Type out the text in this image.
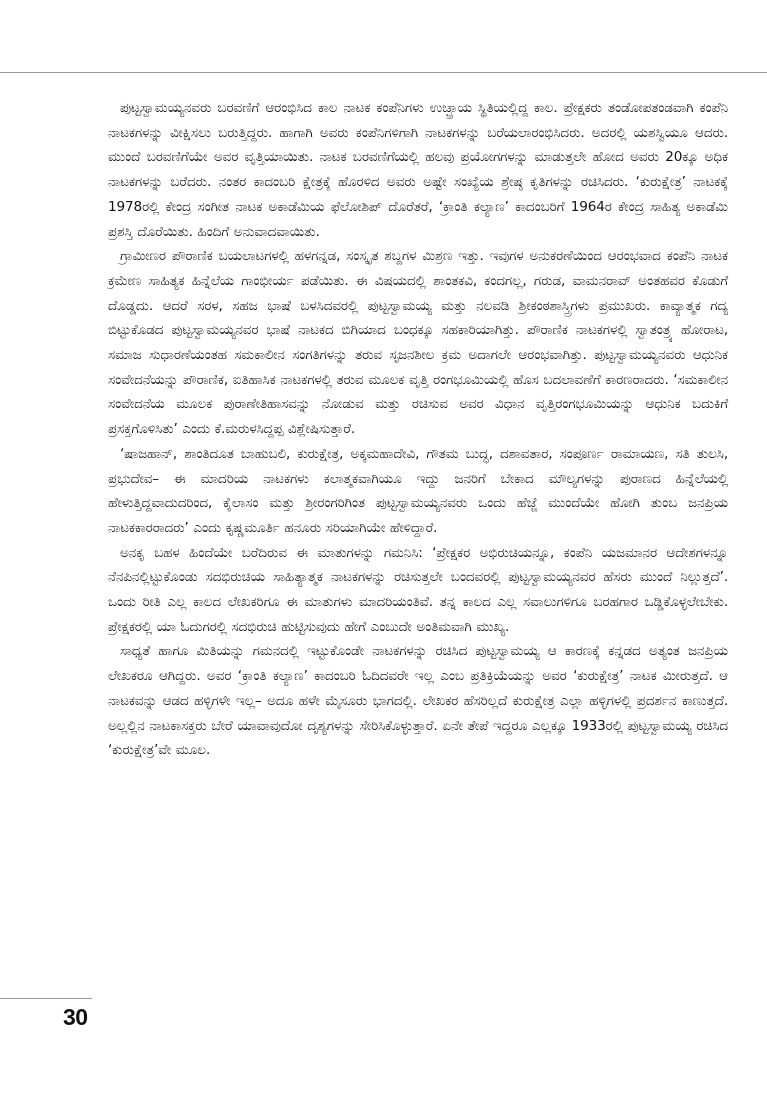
ಪುಟ್ಟಸ್ವಾಮಯ್ಯನವರು ಬರವಣಿಗೆ ಆರಂಭಿಸಿದ ಕಾಲ ನಾಟಕ ಕಂಪೆನಿಗಳು ಉಚ್ಛ್ರಾಯ ಸ್ಥಿತಿಯಲ್ಲಿದ್ದ ಕಾಲ. ಪ್ರೇಕ್ಷಕರು ತಂಡೋಪತಂಡವಾಗಿ ಕಂಪೆನಿ ನಾಟಕಗಳನ್ನು ವೀಕ್ಷಿಸಲು ಬರುತ್ತಿದ್ದರು. ಹಾಗಾಗಿ ಅವರು ಕಂಪೆನಿಗಳಿಗಾಗಿ ನಾಟಕಗಳನ್ನು ಬರೆಯಲಾರಂಭಿಸಿದರು. ಅದರಲ್ಲಿ ಯಶಸ್ವಿಯೂ ಆದರು. ಮುಂದೆ ಬರವಣಿಗೆಯೇ ಅವರ ವೃತ್ತಿಯಾಯಿತು. ನಾಟಕ ಬರವಣಿಗೆಯಲ್ಲಿ ಹಲವು ಪ್ರಯೋಗಗಳನ್ನು ಮಾಡುತ್ತಲೇ ಹೋದ ಅವರು 20ಕ್ಕೂ ಅಧಿಕ ನಾಟಕಗಳನ್ನು ಬರೆದರು. ನಂತರ ಕಾದಂಬರಿ ಕ್ಷೇತ್ರಕ್ಕೆ ಹೊರಳಿದ ಅವರು ಅಷ್ಟೇ ಸಂಖ್ಯೆಯ ಶ್ರೇಷ್ಠ ಕೃತಿಗಳನ್ನು ರಚಿಸಿದರು. ‘ಕುರುಕ್ಷೇತ್ರ’ ನಾಟಕಕ್ಕೆ 1978ರಲ್ಲಿ ಕೇಂದ್ರ ಸಂಗೀತ ನಾಟಕ ಅಕಾಡೆಮಿಯ ಫೆಲೋಶಿಪ್ ದೊರೆತರೆ, ‘ಕ್ರಾಂತಿ ಕಲ್ಯಾಣ’ ಕಾದಂಬರಿಗೆ 1964ರ ಕೇಂದ್ರ ಸಾಹಿತ್ಯ ಅಕಾಡೆಮಿ ಪ್ರಶಸ್ತಿ ದೊರೆಯಿತು. ಹಿಂದಿಗೆ ಅನುವಾದವಾಯಿತು.

ಗ್ರಾಮೀಣರ ಪೌರಾಣಿಕ ಬಯಲಾಟಗಳಲ್ಲಿ ಹಳಗನ್ನಡ, ಸಂಸ್ಕೃತ ಶಬ್ದಗಳ ಮಿಶ್ರಣ ಇತ್ತು. ಇವುಗಳ ಅನುಕರಣೆಯಿಂದ ಆರಂಭವಾದ ಕಂಪೆನಿ ನಾಟಕ ಕ್ರಮೇಣ ಸಾಹಿತ್ಯಕ ಹಿನ್ನೆಲೆಯ ಗಾಂಭೀರ್ಯ ಪಡೆಯಿತು. ಈ ವಿಷಯದಲ್ಲಿ ಶಾಂತಕವಿ, ಕಂದಗಲ್ಲ, ಗರುಡ, ವಾಮನರಾವ್ ಅಂತಹವರ ಕೊಡುಗೆ ದೊಡ್ಡದು. ಆದರೆ ಸರಳ, ಸಹಜ ಭಾಷೆ ಬಳಸಿದವರಲ್ಲಿ ಪುಟ್ಟಸ್ವಾಮಯ್ಯ ಮತ್ತು ನಲವಡಿ ಶ್ರೀಕಂಠಶಾಸ್ತ್ರಿಗಳು ಪ್ರಮುಖರು. ಕಾವ್ಯಾತ್ಮಕ ಗದ್ಯ ಬಿಟ್ಟುಕೊಡದ ಪುಟ್ಟಸ್ವಾಮಯ್ಯನವರ ಭಾಷೆ ನಾಟಕದ ಬಿಗಿಯಾದ ಬಂಧಕ್ಕೂ ಸಹಕಾರಿಯಾಗಿತ್ತು. ಪೌರಾಣಿಕ ನಾಟಕಗಳಲ್ಲಿ ಸ್ವಾತಂತ್ರ್ಯ ಹೋರಾಟ, ಸಮಾಜ ಸುಧಾರಣೆಯಂತಹ ಸಮಕಾಲೀನ ಸಂಗತಿಗಳನ್ನು ತರುವ ಸೃಜನಶೀಲ ಕ್ರಮ ಅದಾಗಲೇ ಆರಂಭವಾಗಿತ್ತು. ಪುಟ್ಟಸ್ವಾಮಯ್ಯನವರು ಆಧುನಿಕ ಸಂವೇದನೆಯನ್ನು ಪೌರಾಣಿಕ, ಐತಿಹಾಸಿಕ ನಾಟಕಗಳಲ್ಲಿ ತರುವ ಮೂಲಕ ವೃತ್ತಿ ರಂಗಭೂಮಿಯಲ್ಲಿ ಹೊಸ ಬದಲಾವಣೆಗೆ ಕಾರಣರಾದರು. ‘ಸಮಕಾಲೀನ ಸಂವೇದನೆಯ ಮೂಲಕ ಪುರಾಣೇತಿಹಾಸವನ್ನು ನೋಡುವ ಮತ್ತು ರಚಿಸುವ ಅವರ ವಿಧಾನ ವೃತ್ತಿರಂಗಭೂಮಿಯನ್ನು ಆಧುನಿಕ ಬದುಕಿಗೆ ಪ್ರಸಕ್ತಗೊಳಿಸಿತು’ ಎಂದು ಕೆ.ಮರುಳಸಿದ್ದಪ್ಪ ವಿಶ್ಲೇಷಿಸುತ್ತಾರೆ.

‘ಷಾಜಹಾನ್, ಶಾಂತಿದೂತ ಬಾಹುಬಲಿ, ಕುರುಕ್ಷೇತ್ರ, ಅಕ್ಕಮಹಾದೇವಿ, ಗೌತಮ ಬುದ್ಧ, ದಶಾವತಾರ, ಸಂಪೂರ್ಣ ರಾಮಾಯಣ, ಸತಿ ತುಲಸಿ, ಪ್ರಭುದೇವ– ಈ ಮಾದರಿಯ ನಾಟಕಗಳು ಕಲಾತ್ಮಕವಾಗಿಯೂ ಇದ್ದು ಜನರಿಗೆ ಬೇಕಾದ ಮೌಲ್ಯಗಳನ್ನು ಪುರಾಣದ ಹಿನ್ನೆಲೆಯಲ್ಲಿ ಹೇಳುತ್ತಿದ್ದವಾದುದರಿಂದ, ಕೈಲಾಸಂ ಮತ್ತು ಶ್ರೀರಂಗರಿಗಿಂತ ಪುಟ್ಟಸ್ವಾಮಯ್ಯನವರು ಒಂದು ಹೆಜ್ಜೆ ಮುಂದೆಯೇ ಹೋಗಿ ತುಂಬ ಜನಪ್ರಿಯ ನಾಟಕಕಾರರಾದರು’ ಎಂದು ಕೃಷ್ಣಮೂರ್ತಿ ಹನೂರು ಸರಿಯಾಗಿಯೇ ಹೇಳಿದ್ದಾರೆ.

ಅನಕೃ ಬಹಳ ಹಿಂದೆಯೇ ಬರೆದಿರುವ ಈ ಮಾತುಗಳನ್ನು ಗಮನಿಸಿ: ‘ಪ್ರೇಕ್ಷಕರ ಅಭಿರುಚಿಯನ್ನೂ, ಕಂಪೆನಿ ಯಜಮಾನರ ಆದೇಶಗಳನ್ನೂ ನೆನಪಿನಲ್ಲಿಟ್ಟುಕೊಂಡು ಸದಭಿರುಚಿಯ ಸಾಹಿತ್ಯಾತ್ಮಕ ನಾಟಕಗಳನ್ನು ರಚಿಸುತ್ತಲೇ ಬಂದವರಲ್ಲಿ ಪುಟ್ಟಸ್ವಾಮಯ್ಯನವರ ಹೆಸರು ಮುಂದೆ ನಿಲ್ಲುತ್ತದೆ’. ಒಂದು ರೀತಿ ಎಲ್ಲ ಕಾಲದ ಲೇಖಕರಿಗೂ ಈ ಮಾತುಗಳು ಮಾದರಿಯಂತಿವೆ. ತನ್ನ ಕಾಲದ ಎಲ್ಲ ಸವಾಲುಗಳಿಗೂ ಬರಹಗಾರ ಒಡ್ಡಿಕೊಳ್ಳಲೇಬೇಕು. ಪ್ರೇಕ್ಷಕರಲ್ಲಿ ಯಾ ಓದುಗರಲ್ಲಿ ಸದಭಿರುಚಿ ಹುಟ್ಟಿಸುವುದು ಹೇಗೆ ಎಂಬುದೇ ಅಂತಿಮವಾಗಿ ಮುಖ್ಯ.

ಸಾಧ್ಯತೆ ಹಾಗೂ ಮಿತಿಯನ್ನು ಗಮನದಲ್ಲಿ ಇಟ್ಟುಕೊಂಡೇ ನಾಟಕಗಳನ್ನು ರಚಿಸಿದ ಪುಟ್ಟಸ್ವಾಮಯ್ಯ ಆ ಕಾರಣಕ್ಕೆ ಕನ್ನಡದ ಅತ್ಯಂತ ಜನಪ್ರಿಯ ಲೇಖಕರೂ ಆಗಿದ್ದರು. ಅವರ ‘ಕ್ರಾಂತಿ ಕಲ್ಯಾಣ’ ಕಾದಂಬರಿ ಓದಿದವರೇ ಇಲ್ಲ ಎಂಬ ಪ್ರತಿಕ್ರಿಯೆಯನ್ನು ಅವರ ‘ಕುರುಕ್ಷೇತ್ರ’ ನಾಟಕ ಮೀರುತ್ತದೆ. ಆ ನಾಟಕವನ್ನು ಆಡದ ಹಳ್ಳಿಗಳೇ ಇಲ್ಲ– ಅದೂ ಹಳೇ ಮೈಸೂರು ಭಾಗದಲ್ಲಿ. ಲೇಖಕರ ಹೆಸರಿಲ್ಲದೆ ಕುರುಕ್ಷೇತ್ರ ಎಲ್ಲಾ ಹಳ್ಳಿಗಳಲ್ಲಿ ಪ್ರದರ್ಶನ ಕಾಣುತ್ತದೆ. ಅಲ್ಲಲ್ಲಿನ ನಾಟಕಾಸಕ್ತರು ಬೇರೆ ಯಾವಾವುದೋ ದೃಶ್ಯಗಳನ್ನು ಸೇರಿಸಿಕೊಳ್ಳುತ್ತಾರೆ. ಏನೇ ತೇಪೆ ಇದ್ದರೂ ಎಲ್ಲಕ್ಕೂ 1933ರಲ್ಲಿ ಪುಟ್ಟಸ್ವಾಮಯ್ಯ ರಚಿಸಿದ ‘ಕುರುಕ್ಷೇತ್ರ’ವೇ ಮೂಲ.

30
